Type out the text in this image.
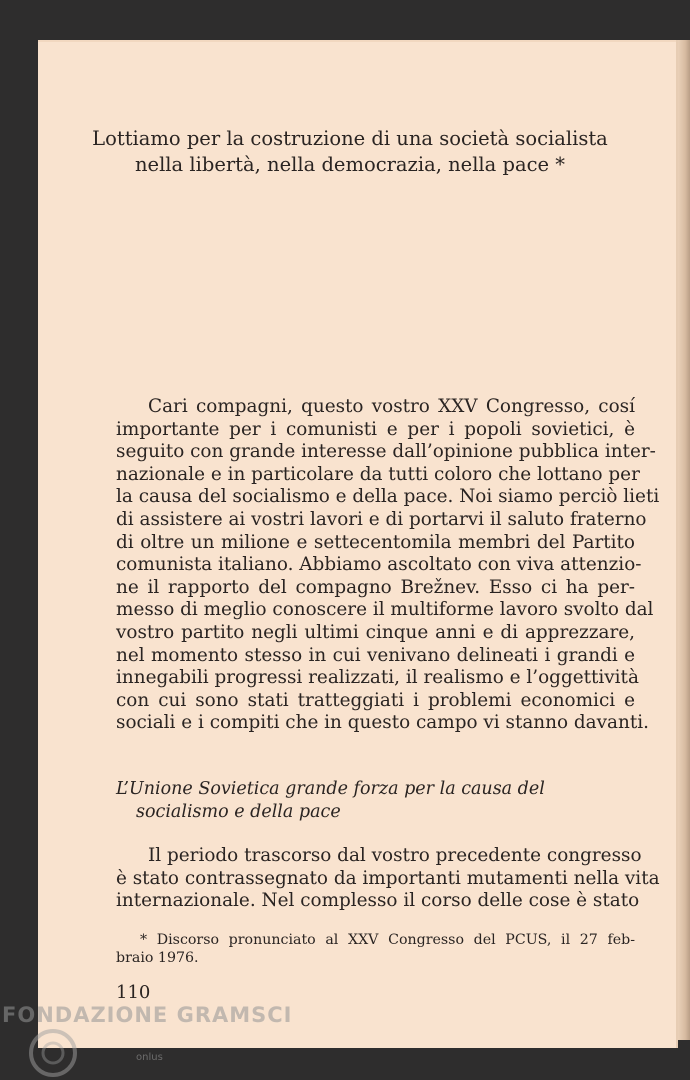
Lottiamo per la costruzione di una società socialista
nella libertà, nella democrazia, nella pace *
Cari compagni, questo vostro XXV Congresso, cosí
importante per i comunisti e per i popoli sovietici, è
seguito con grande interesse dall’opinione pubblica inter-
nazionale e in particolare da tutti coloro che lottano per
la causa del socialismo e della pace. Noi siamo perciò lieti
di assistere ai vostri lavori e di portarvi il saluto fraterno
di oltre un milione e settecentomila membri del Partito
comunista italiano. Abbiamo ascoltato con viva attenzio-
ne il rapporto del compagno Brežnev. Esso ci ha per-
messo di meglio conoscere il multiforme lavoro svolto dal
vostro partito negli ultimi cinque anni e di apprezzare,
nel momento stesso in cui venivano delineati i grandi e
innegabili progressi realizzati, il realismo e l’oggettività
con cui sono stati tratteggiati i problemi economici e
sociali e i compiti che in questo campo vi stanno davanti.
L’Unione Sovietica grande forza per la causa del
socialismo e della pace
Il periodo trascorso dal vostro precedente congresso
è stato contrassegnato da importanti mutamenti nella vita
internazionale. Nel complesso il corso delle cose è stato
* Discorso pronunciato al XXV Congresso del PCUS, il 27 feb-
braio 1976.
110
FONDAZIONE GRAMSCI
onlus
